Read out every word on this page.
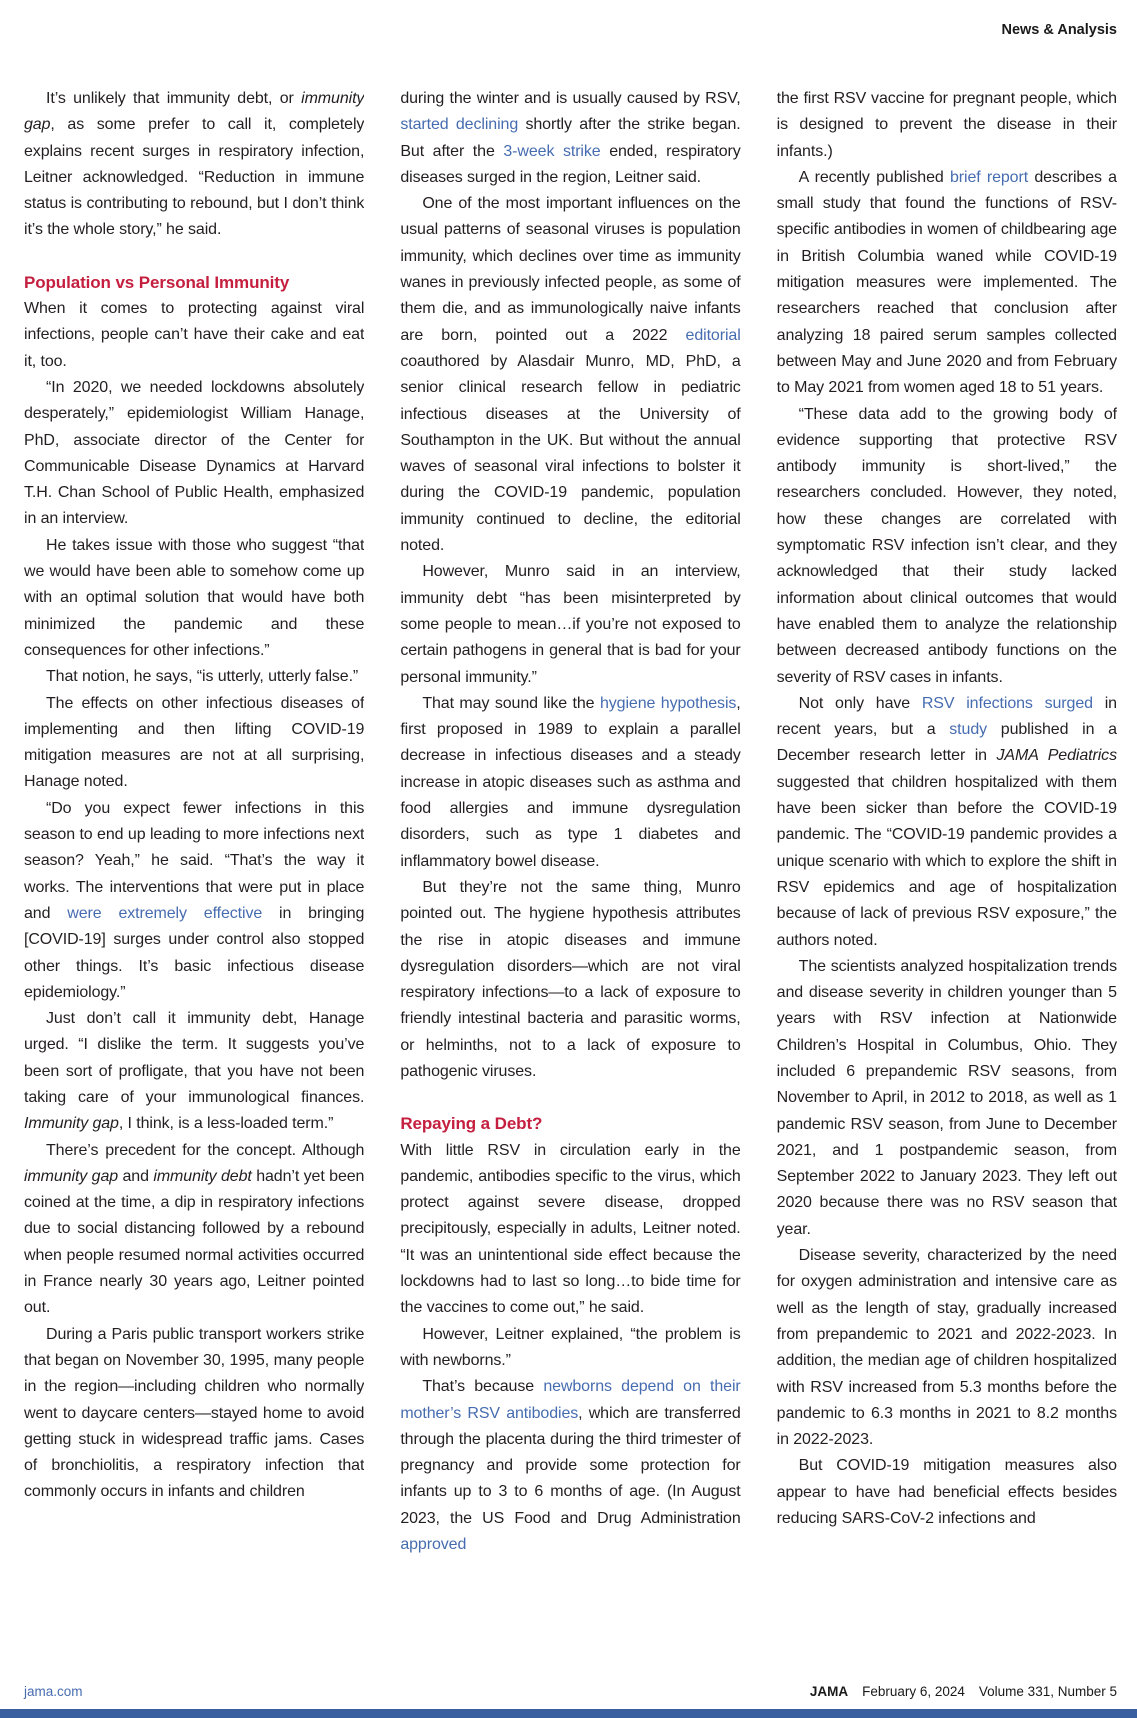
News & Analysis

It’s unlikely that immunity debt, or immunity gap, as some prefer to call it, completely explains recent surges in respiratory infection, Leitner acknowledged. “Reduction in immune status is contributing to rebound, but I don’t think it’s the whole story,” he said.

Population vs Personal Immunity

When it comes to protecting against viral infections, people can’t have their cake and eat it, too.

“In 2020, we needed lockdowns absolutely desperately,” epidemiologist William Hanage, PhD, associate director of the Center for Communicable Disease Dynamics at Harvard T.H. Chan School of Public Health, emphasized in an interview.

He takes issue with those who suggest “that we would have been able to somehow come up with an optimal solution that would have both minimized the pandemic and these consequences for other infections.”

That notion, he says, “is utterly, utterly false.”

The effects on other infectious diseases of implementing and then lifting COVID-19 mitigation measures are not at all surprising, Hanage noted.

“Do you expect fewer infections in this season to end up leading to more infections next season? Yeah,” he said. “That’s the way it works. The interventions that were put in place and were extremely effective in bringing [COVID-19] surges under control also stopped other things. It’s basic infectious disease epidemiology.”

Just don’t call it immunity debt, Hanage urged. “I dislike the term. It suggests you’ve been sort of profligate, that you have not been taking care of your immunological finances. Immunity gap, I think, is a less-loaded term.”

There’s precedent for the concept. Although immunity gap and immunity debt hadn’t yet been coined at the time, a dip in respiratory infections due to social distancing followed by a rebound when people resumed normal activities occurred in France nearly 30 years ago, Leitner pointed out.

During a Paris public transport workers strike that began on November 30, 1995, many people in the region—including children who normally went to daycare centers—stayed home to avoid getting stuck in widespread traffic jams. Cases of bronchiolitis, a respiratory infection that commonly occurs in infants and children

during the winter and is usually caused by RSV, started declining shortly after the strike began. But after the 3-week strike ended, respiratory diseases surged in the region, Leitner said.

One of the most important influences on the usual patterns of seasonal viruses is population immunity, which declines over time as immunity wanes in previously infected people, as some of them die, and as immunologically naive infants are born, pointed out a 2022 editorial coauthored by Alasdair Munro, MD, PhD, a senior clinical research fellow in pediatric infectious diseases at the University of Southampton in the UK. But without the annual waves of seasonal viral infections to bolster it during the COVID-19 pandemic, population immunity continued to decline, the editorial noted.

However, Munro said in an interview, immunity debt “has been misinterpreted by some people to mean…if you’re not exposed to certain pathogens in general that is bad for your personal immunity.”

That may sound like the hygiene hypothesis, first proposed in 1989 to explain a parallel decrease in infectious diseases and a steady increase in atopic diseases such as asthma and food allergies and immune dysregulation disorders, such as type 1 diabetes and inflammatory bowel disease.

But they’re not the same thing, Munro pointed out. The hygiene hypothesis attributes the rise in atopic diseases and immune dysregulation disorders—which are not viral respiratory infections—to a lack of exposure to friendly intestinal bacteria and parasitic worms, or helminths, not to a lack of exposure to pathogenic viruses.

Repaying a Debt?

With little RSV in circulation early in the pandemic, antibodies specific to the virus, which protect against severe disease, dropped precipitously, especially in adults, Leitner noted. “It was an unintentional side effect because the lockdowns had to last so long…to bide time for the vaccines to come out,” he said.

However, Leitner explained, “the problem is with newborns.”

That’s because newborns depend on their mother’s RSV antibodies, which are transferred through the placenta during the third trimester of pregnancy and provide some protection for infants up to 3 to 6 months of age. (In August 2023, the US Food and Drug Administration approved

the first RSV vaccine for pregnant people, which is designed to prevent the disease in their infants.)

A recently published brief report describes a small study that found the functions of RSV-specific antibodies in women of childbearing age in British Columbia waned while COVID-19 mitigation measures were implemented. The researchers reached that conclusion after analyzing 18 paired serum samples collected between May and June 2020 and from February to May 2021 from women aged 18 to 51 years.

“These data add to the growing body of evidence supporting that protective RSV antibody immunity is short-lived,” the researchers concluded. However, they noted, how these changes are correlated with symptomatic RSV infection isn’t clear, and they acknowledged that their study lacked information about clinical outcomes that would have enabled them to analyze the relationship between decreased antibody functions on the severity of RSV cases in infants.

Not only have RSV infections surged in recent years, but a study published in a December research letter in JAMA Pediatrics suggested that children hospitalized with them have been sicker than before the COVID-19 pandemic. The “COVID-19 pandemic provides a unique scenario with which to explore the shift in RSV epidemics and age of hospitalization because of lack of previous RSV exposure,” the authors noted.

The scientists analyzed hospitalization trends and disease severity in children younger than 5 years with RSV infection at Nationwide Children’s Hospital in Columbus, Ohio. They included 6 prepandemic RSV seasons, from November to April, in 2012 to 2018, as well as 1 pandemic RSV season, from June to December 2021, and 1 postpandemic season, from September 2022 to January 2023. They left out 2020 because there was no RSV season that year.

Disease severity, characterized by the need for oxygen administration and intensive care as well as the length of stay, gradually increased from prepandemic to 2021 and 2022-2023. In addition, the median age of children hospitalized with RSV increased from 5.3 months before the pandemic to 6.3 months in 2021 to 8.2 months in 2022-2023.

But COVID-19 mitigation measures also appear to have had beneficial effects besides reducing SARS-CoV-2 infections and

jama.com	JAMA February 6, 2024 Volume 331, Number 5
